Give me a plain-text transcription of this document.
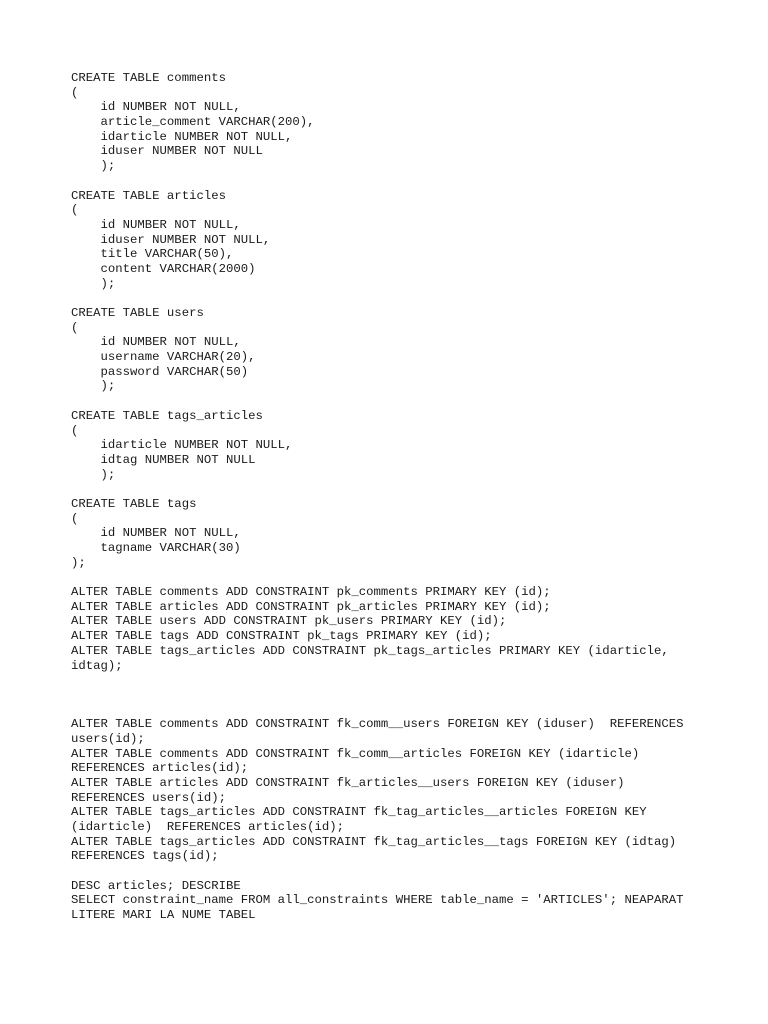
CREATE TABLE comments
(
id NUMBER NOT NULL,
article_comment VARCHAR(200),
idarticle NUMBER NOT NULL,
iduser NUMBER NOT NULL
);
CREATE TABLE articles
(
id NUMBER NOT NULL,
iduser NUMBER NOT NULL,
title VARCHAR(50),
content VARCHAR(2000)
);
CREATE TABLE users
(
id NUMBER NOT NULL,
username VARCHAR(20),
password VARCHAR(50)
);
CREATE TABLE tags_articles
(
idarticle NUMBER NOT NULL,
idtag NUMBER NOT NULL
);
CREATE TABLE tags
(
id NUMBER NOT NULL,
tagname VARCHAR(30)
);
ALTER TABLE comments ADD CONSTRAINT pk_comments PRIMARY KEY (id);
ALTER TABLE articles ADD CONSTRAINT pk_articles PRIMARY KEY (id);
ALTER TABLE users ADD CONSTRAINT pk_users PRIMARY KEY (id);
ALTER TABLE tags ADD CONSTRAINT pk_tags PRIMARY KEY (id);
ALTER TABLE tags_articles ADD CONSTRAINT pk_tags_articles PRIMARY KEY (idarticle,
idtag);
ALTER TABLE comments ADD CONSTRAINT fk_comm__users FOREIGN KEY (iduser)  REFERENCES
users(id);
ALTER TABLE comments ADD CONSTRAINT fk_comm__articles FOREIGN KEY (idarticle)
REFERENCES articles(id);
ALTER TABLE articles ADD CONSTRAINT fk_articles__users FOREIGN KEY (iduser)
REFERENCES users(id);
ALTER TABLE tags_articles ADD CONSTRAINT fk_tag_articles__articles FOREIGN KEY
(idarticle)  REFERENCES articles(id);
ALTER TABLE tags_articles ADD CONSTRAINT fk_tag_articles__tags FOREIGN KEY (idtag)
REFERENCES tags(id);
DESC articles; DESCRIBE
SELECT constraint_name FROM all_constraints WHERE table_name = 'ARTICLES'; NEAPARAT
LITERE MARI LA NUME TABEL
